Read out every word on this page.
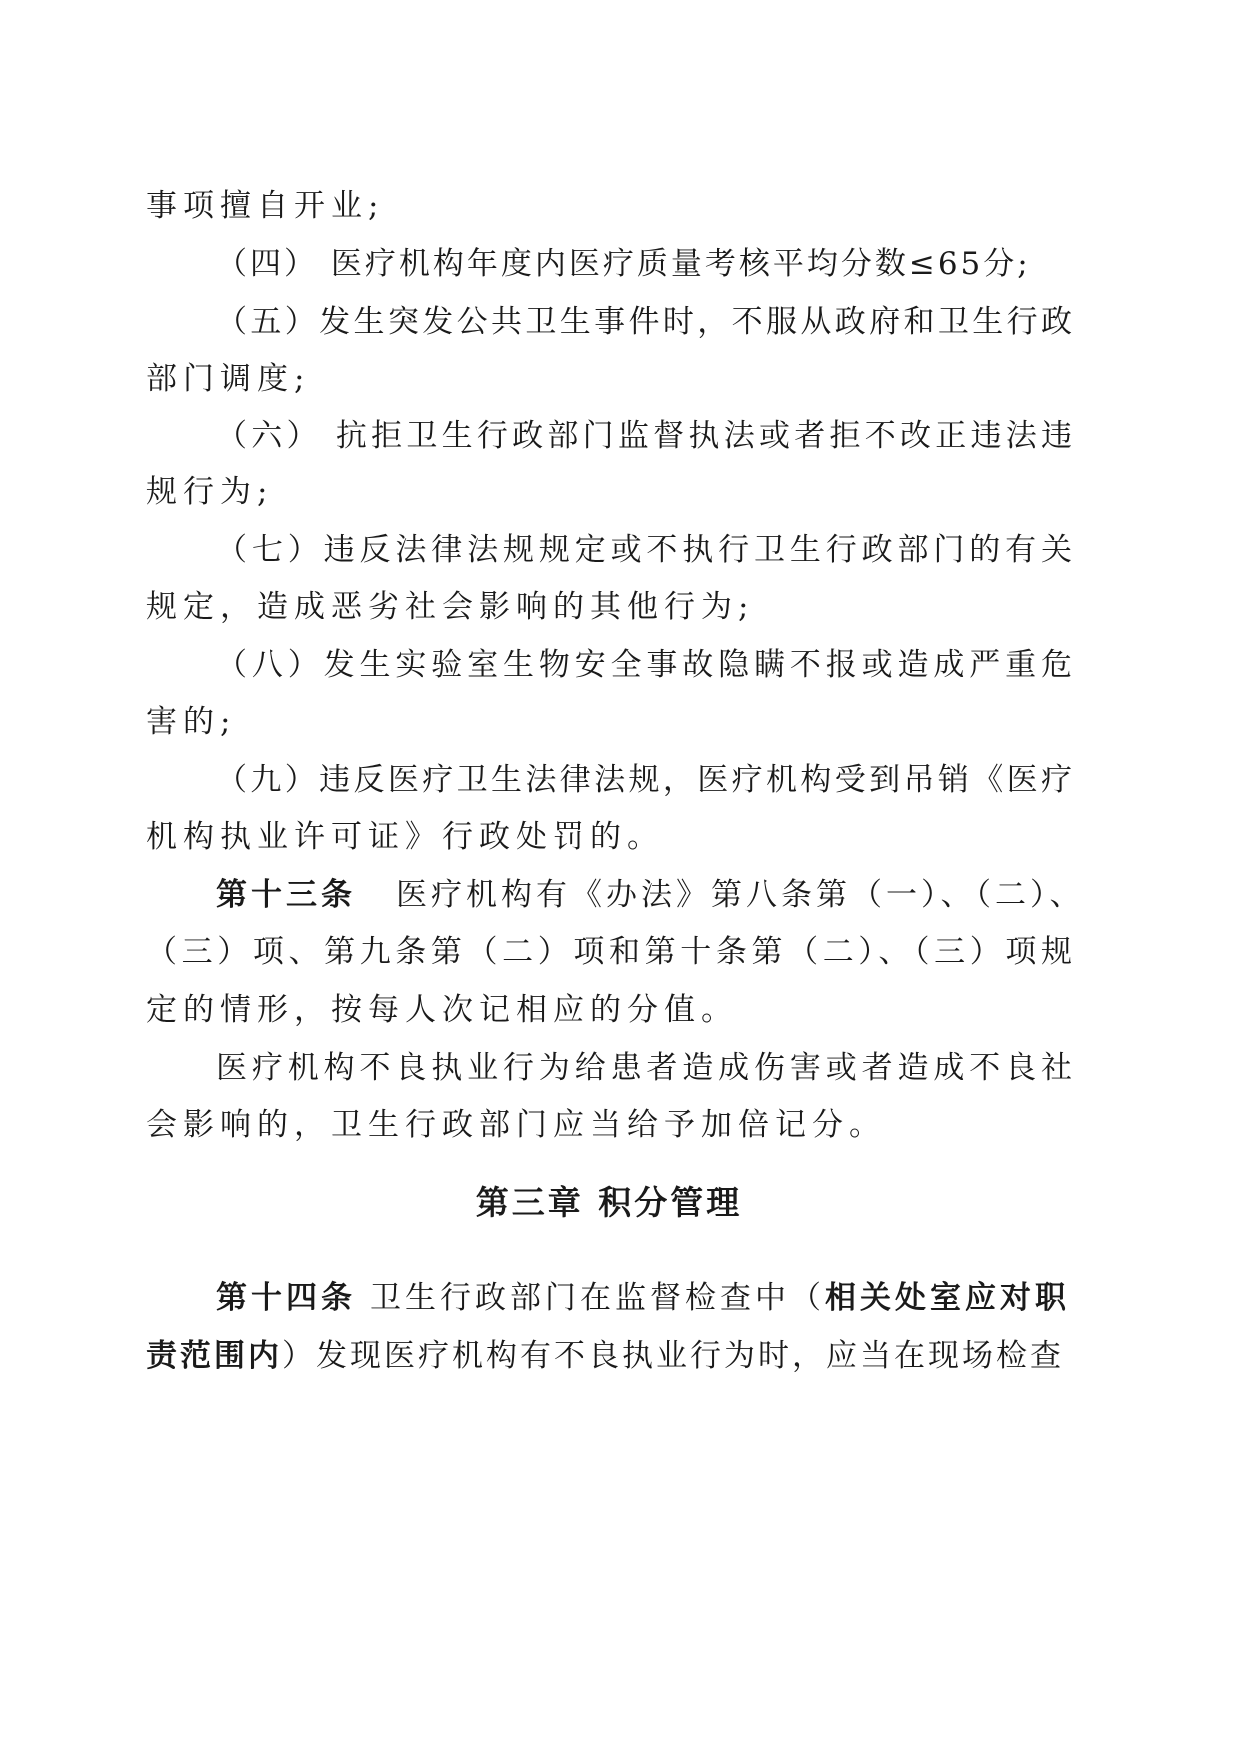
事项擅自开业;
（四） 医疗机构年度内医疗质量考核平均分数≤65分;
（五）发生突发公共卫生事件时，不服从政府和卫生行政
部门调度;
（六） 抗拒卫生行政部门监督执法或者拒不改正违法违
规行为;
（七）违反法律法规规定或不执行卫生行政部门的有关
规定，造成恶劣社会影响的其他行为;
（八）发生实验室生物安全事故隐瞒不报或造成严重危
害的;
（九）违反医疗卫生法律法规，医疗机构受到吊销《医疗
机构执业许可证》行政处罚的。
第十三条 医疗机构有《办法》第八条第（一）、（二）、
（三）项、第九条第（二）项和第十条第（二）、（三）项规
定的情形，按每人次记相应的分值。
医疗机构不良执业行为给患者造成伤害或者造成不良社
会影响的，卫生行政部门应当给予加倍记分。
第三章 积分管理
第十四条 卫生行政部门在监督检查中（相关处室应对职
责范围内）发现医疗机构有不良执业行为时，应当在现场检查
